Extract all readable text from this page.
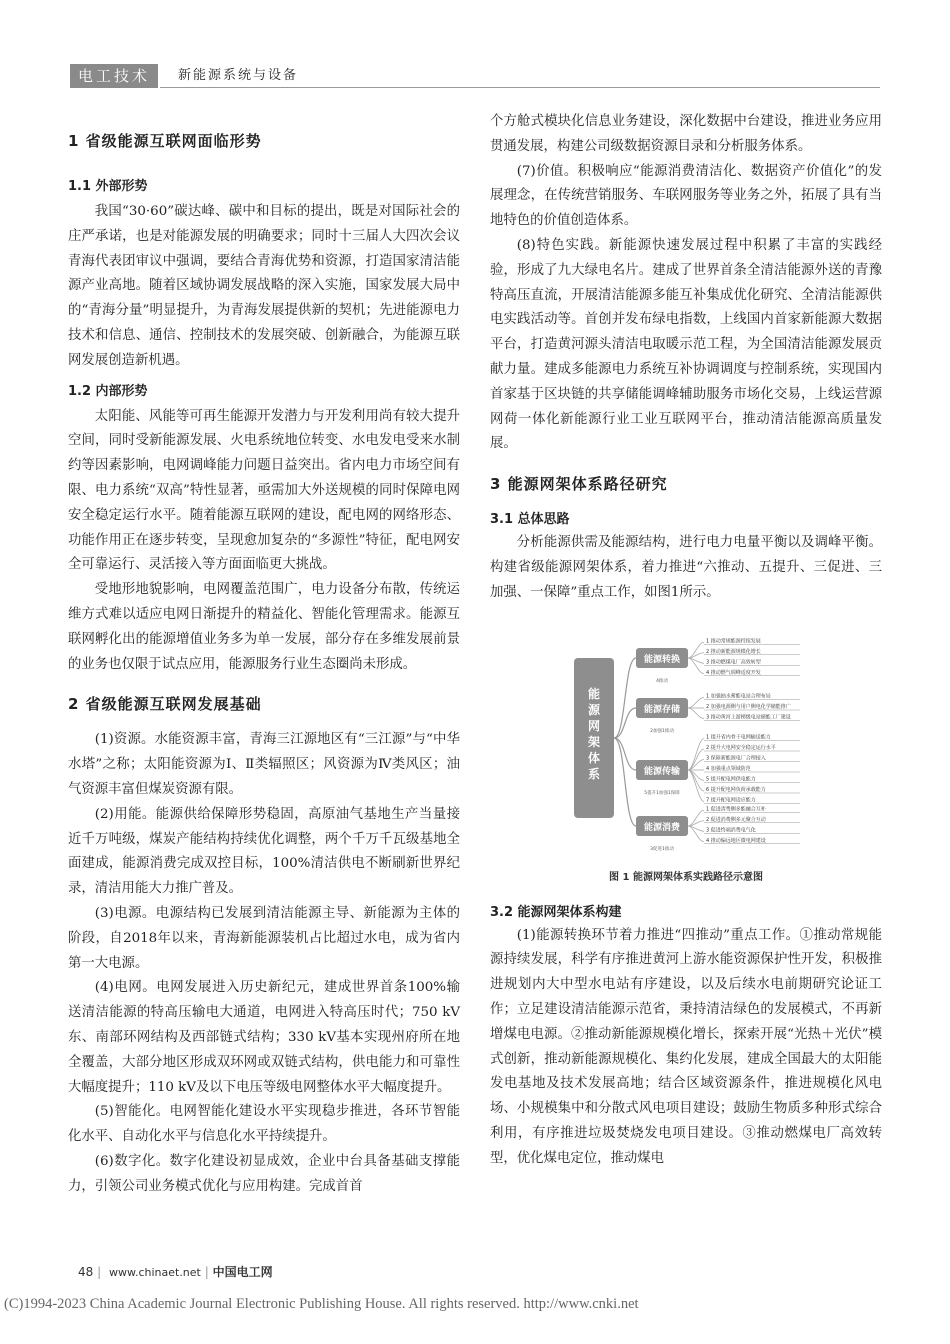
电工技术	新能源系统与设备
1 省级能源互联网面临形势
1.1 外部形势

我国“30·60”碳达峰、碳中和目标的提出，既是对国际社会的庄严承诺，也是对能源发展的明确要求；同时十三届人大四次会议青海代表团审议中强调，要结合青海优势和资源，打造国家清洁能源产业高地。随着区域协调发展战略的深入实施，国家发展大局中的“青海分量”明显提升，为青海发展提供新的契机；先进能源电力技术和信息、通信、控制技术的发展突破、创新融合，为能源互联网发展创造新机遇。

1.2 内部形势

太阳能、风能等可再生能源开发潜力与开发利用尚有较大提升空间，同时受新能源发展、火电系统地位转变、水电发电受来水制约等因素影响，电网调峰能力问题日益突出。省内电力市场空间有限、电力系统“双高”特性显著，亟需加大外送规模的同时保障电网安全稳定运行水平。随着能源互联网的建设，配电网的网络形态、功能作用正在逐步转变，呈现愈加复杂的“多源性”特征，配电网安全可靠运行、灵活接入等方面面临更大挑战。

受地形地貌影响，电网覆盖范围广，电力设备分布散，传统运维方式难以适应电网日渐提升的精益化、智能化管理需求。能源互联网孵化出的能源增值业务多为单一发展，部分存在多维发展前景的业务也仅限于试点应用，能源服务行业生态圈尚未形成。

2 省级能源互联网发展基础

(1)资源。水能资源丰富，青海三江源地区有“三江源”与“中华水塔”之称；太阳能资源为Ⅰ、Ⅱ类辐照区；风资源为Ⅳ类风区；油气资源丰富但煤炭资源有限。

(2)用能。能源供给保障形势稳固，高原油气基地生产当量接近千万吨级，煤炭产能结构持续优化调整，两个千万千瓦级基地全面建成，能源消费完成双控目标，100%清洁供电不断刷新世界纪录，清洁用能大力推广普及。

(3)电源。电源结构已发展到清洁能源主导、新能源为主体的阶段，自2018年以来，青海新能源装机占比超过水电，成为省内第一大电源。

(4)电网。电网发展进入历史新纪元，建成世界首条100%输送清洁能源的特高压输电大通道，电网进入特高压时代；750 kV东、南部环网结构及西部链式结构；330 kV基本实现州府所在地全覆盖，大部分地区形成双环网或双链式结构，供电能力和可靠性大幅度提升；110 kV及以下电压等级电网整体水平大幅度提升。

(5)智能化。电网智能化建设水平实现稳步推进，各环节智能化水平、自动化水平与信息化水平持续提升。

(6)数字化。数字化建设初显成效，企业中台具备基础支撑能力，引领公司业务模式优化与应用构建。完成首首

个方舱式模块化信息业务建设，深化数据中台建设，推进业务应用贯通发展，构建公司级数据资源目录和分析服务体系。

(7)价值。积极响应“能源消费清洁化、数据资产价值化”的发展理念，在传统营销服务、车联网服务等业务之外，拓展了具有当地特色的价值创造体系。

(8)特色实践。新能源快速发展过程中积累了丰富的实践经验，形成了九大绿电名片。建成了世界首条全清洁能源外送的青豫特高压直流，开展清洁能源多能互补集成优化研究、全清洁能源供电实践活动等。首创并发布绿电指数，上线国内首家新能源大数据平台，打造黄河源头清洁电取暖示范工程，为全国清洁能源发展贡献力量。建成多能源电力系统互补协调调度与控制系统，实现国内首家基于区块链的共享储能调峰辅助服务市场化交易，上线运营源网荷一体化新能源行业工业互联网平台，推动清洁能源高质量发展。

3 能源网架体系路径研究
3.1 总体思路

分析能源供需及能源结构，进行电力电量平衡以及调峰平衡。构建省级能源网架体系，着力推进“六推动、五提升、三促进、三加强、一保障”重点工作，如图1所示。

能
源
网
架
体
系
能源转换
4推动
1 推动常规能源持续发展
2 推动新能源规模化增长
3 推动燃煤电厂高效转型
4 推动燃气调峰适度开发
能源存储
2加强1推动
1 加强抽水蓄能电站合理布局
2 加强电源侧与用户侧电化学储能推广
3 推动黄河上游梯级电站储能工厂建设
能源传输
5提升1加强1保障
1 提升省内骨干电网输送能力
2 提升大电网安全稳定运行水平
3 保障新能源电厂合理接入
4 加强重点领域防范
5 提升配电网供电能力
6 提升配电网负荷承载能力
7 提升配电网适应能力
能源消费
3促进1推动
1 促进清费侧多能融合互补
2 促进消费侧多元聚合互动
3 促进终端消费电气化
4 推动偏远地区微电网建设
图 1 能源网架体系实践路径示意图
3.2 能源网架体系构建

(1)能源转换环节着力推进“四推动”重点工作。①推动常规能源持续发展，科学有序推进黄河上游水能资源保护性开发，积极推进规划内大中型水电站有序建设，以及后续水电前期研究论证工作；立足建设清洁能源示范省，秉持清洁绿色的发展模式，不再新增煤电电源。②推动新能源规模化增长，探索开展“光热＋光伏”模式创新，推动新能源规模化、集约化发展，建成全国最大的太阳能发电基地及技术发展高地；结合区域资源条件，推进规模化风电场、小规模集中和分散式风电项目建设；鼓励生物质多种形式综合利用，有序推进垃圾焚烧发电项目建设。③推动燃煤电厂高效转型，优化煤电定位，推动煤电

48 | www.chinaet.net | 中国电工网
(C)1994-2023 China Academic Journal Electronic Publishing House. All rights reserved. http://www.cnki.net
